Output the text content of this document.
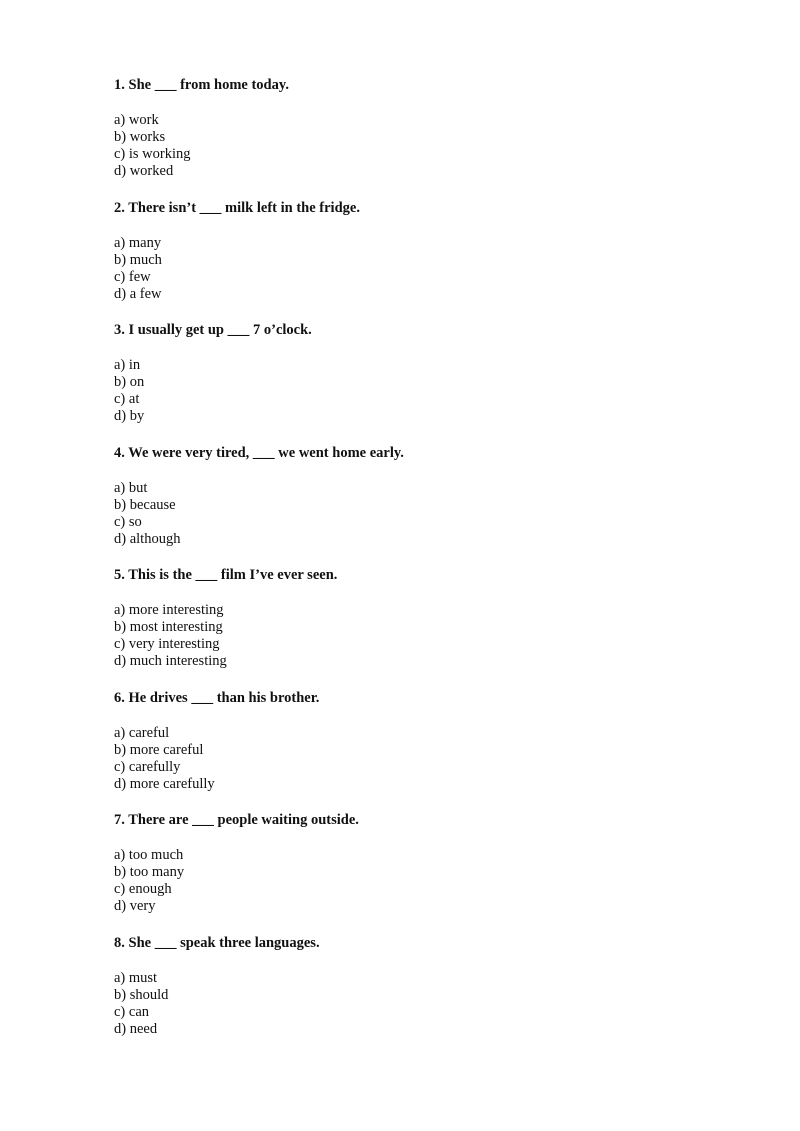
1. She ___ from home today.

a) work
b) works
c) is working
d) worked

2. There isn’t ___ milk left in the fridge.

a) many
b) much
c) few
d) a few

3. I usually get up ___ 7 o’clock.

a) in
b) on
c) at
d) by

4. We were very tired, ___ we went home early.

a) but
b) because
c) so
d) although

5. This is the ___ film I’ve ever seen.

a) more interesting
b) most interesting
c) very interesting
d) much interesting

6. He drives ___ than his brother.

a) careful
b) more careful
c) carefully
d) more carefully

7. There are ___ people waiting outside.

a) too much
b) too many
c) enough
d) very

8. She ___ speak three languages.

a) must
b) should
c) can
d) need
